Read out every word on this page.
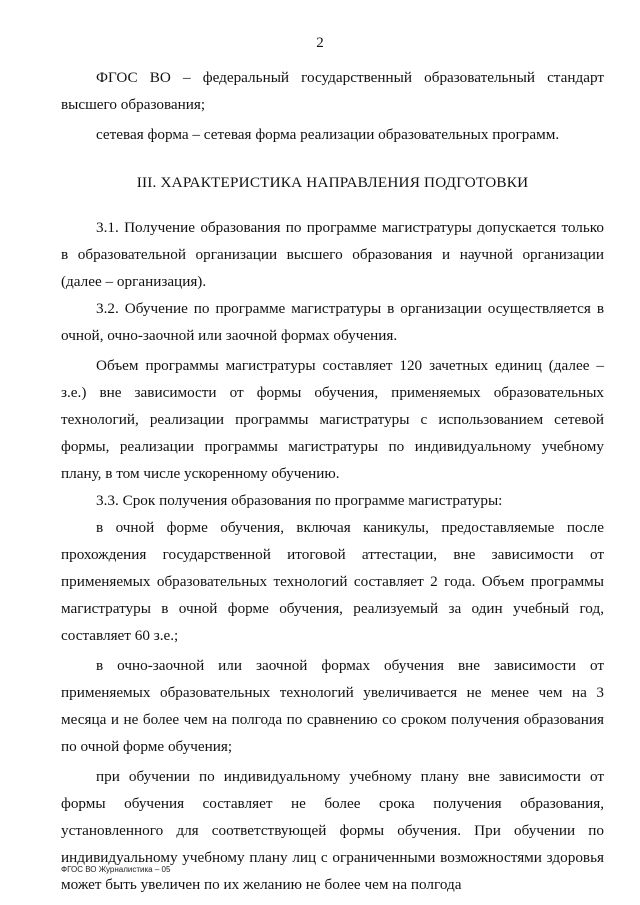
2

ФГОС ВО – федеральный государственный образовательный стандарт высшего образования;

сетевая форма – сетевая форма реализации образовательных программ.

III. ХАРАКТЕРИСТИКА НАПРАВЛЕНИЯ ПОДГОТОВКИ

3.1. Получение образования по программе магистратуры допускается только в образовательной организации высшего образования и научной организации (далее – организация).

3.2. Обучение по программе магистратуры в организации осуществляется в очной, очно-заочной или заочной формах обучения.

Объем программы магистратуры составляет 120 зачетных единиц (далее – з.е.) вне зависимости от формы обучения, применяемых образовательных технологий, реализации программы магистратуры с использованием сетевой формы, реализации программы магистратуры по индивидуальному учебному плану, в том числе ускоренному обучению.

3.3. Срок получения образования по программе магистратуры:

в очной форме обучения, включая каникулы, предоставляемые после прохождения государственной итоговой аттестации, вне зависимости от применяемых образовательных технологий составляет 2 года. Объем программы магистратуры в очной форме обучения, реализуемый за один учебный год, составляет 60 з.е.;

в очно-заочной или заочной формах обучения вне зависимости от применяемых образовательных технологий увеличивается не менее чем на 3 месяца и не более чем на полгода по сравнению со сроком получения образования по очной форме обучения;

при обучении по индивидуальному учебному плану вне зависимости от формы обучения составляет не более срока получения образования, установленного для соответствующей формы обучения. При обучении по индивидуальному учебному плану лиц с ограниченными возможностями здоровья может быть увеличен по их желанию не более чем на полгода

ФГОС ВО Журналистика – 05
